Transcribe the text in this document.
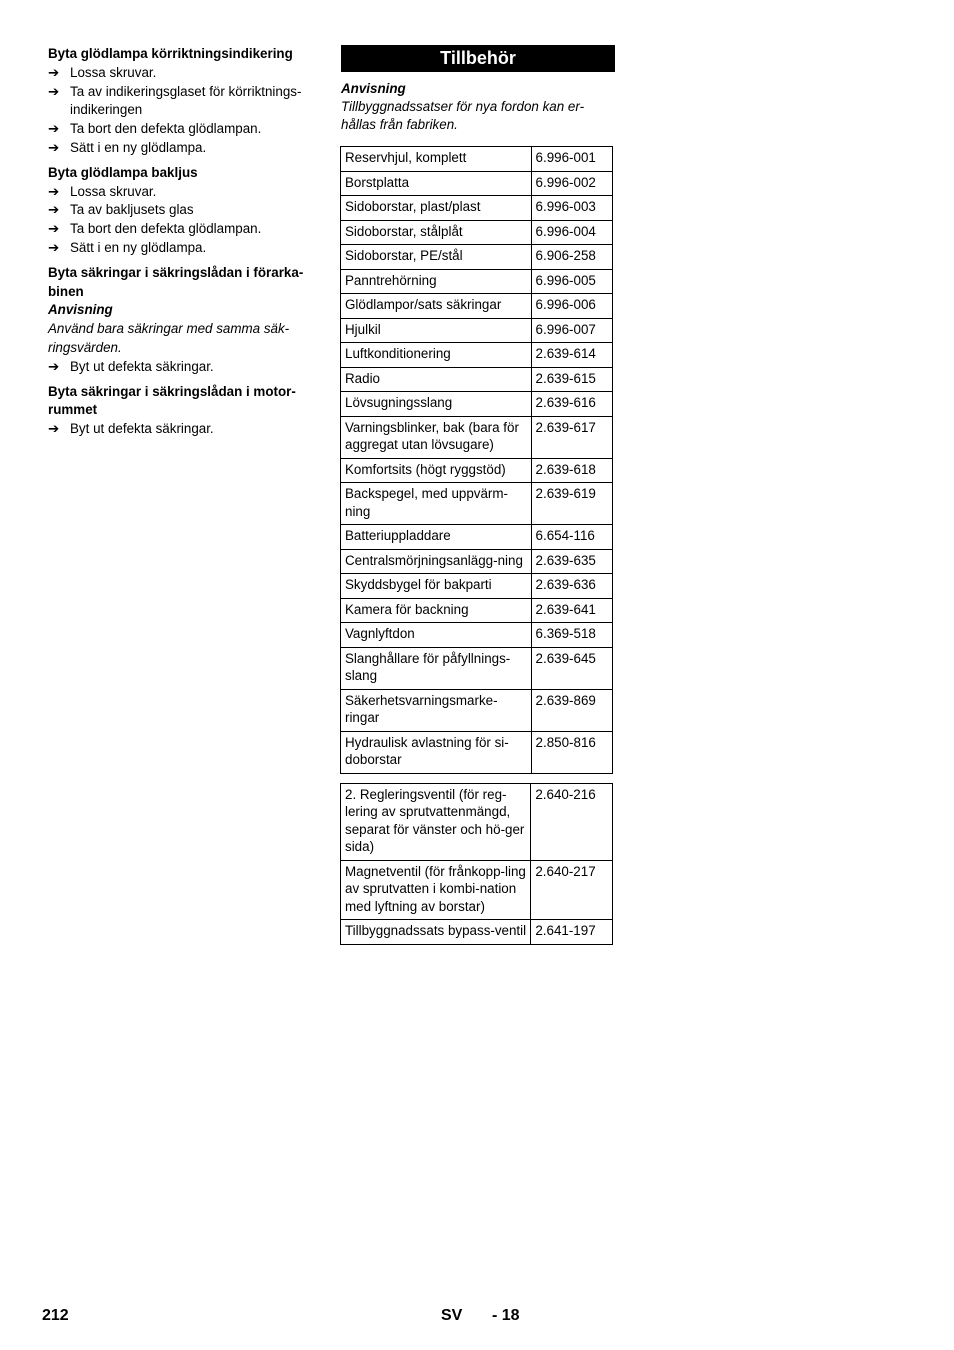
Byta glödlampa körriktningsindikering
➔ Lossa skruvar.
➔ Ta av indikeringsglaset för körriktnings-indikeringen
➔ Ta bort den defekta glödlampan.
➔ Sätt i en ny glödlampa.
Byta glödlampa bakljus
➔ Lossa skruvar.
➔ Ta av bakljusets glas
➔ Ta bort den defekta glödlampan.
➔ Sätt i en ny glödlampa.
Byta säkringar i säkringslådan i förarka-binen
Anvisning
Använd bara säkringar med samma säk-ringsvärden.
➔ Byt ut defekta säkringar.
Byta säkringar i säkringslådan i motor-rummet
➔ Byt ut defekta säkringar.
Tillbehör
Anvisning
Tillbyggnadssatser för nya fordon kan er-hållas från fabriken.
Reservhjul, komplett	6.996-001
Borstplatta	6.996-002
Sidoborstar, plast/plast	6.996-003
Sidoborstar, stålplåt	6.996-004
Sidoborstar, PE/stål	6.906-258
Panntrehörning	6.996-005
Glödlampor/sats säkringar	6.996-006
Hjulkil	6.996-007
Luftkonditionering	2.639-614
Radio	2.639-615
Lövsugningsslang	2.639-616
Varningsblinker, bak (bara för aggregat utan lövsugare)	2.639-617
Komfortsits (högt ryggstöd)	2.639-618
Backspegel, med uppvärm-ning	2.639-619
Batteriuppladdare	6.654-116
Centralsmörjningsanlägg-ning	2.639-635
Skyddsbygel för bakparti	2.639-636
Kamera för backning	2.639-641
Vagnlyftdon	6.369-518
Slanghållare för påfyllnings-slang	2.639-645
Säkerhetsvarningsmarke-ringar	2.639-869
Hydraulisk avlastning för si-doborstar	2.850-816
2. Regleringsventil (för reg-lering av sprutvattenmängd, separat för vänster och hö-ger sida)	2.640-216
Magnetventil (för frånkopp-ling av sprutvatten i kombi-nation med lyftning av borstar)	2.640-217
Tillbyggnadssats bypass-ventil	2.641-197
212	SV - 18
